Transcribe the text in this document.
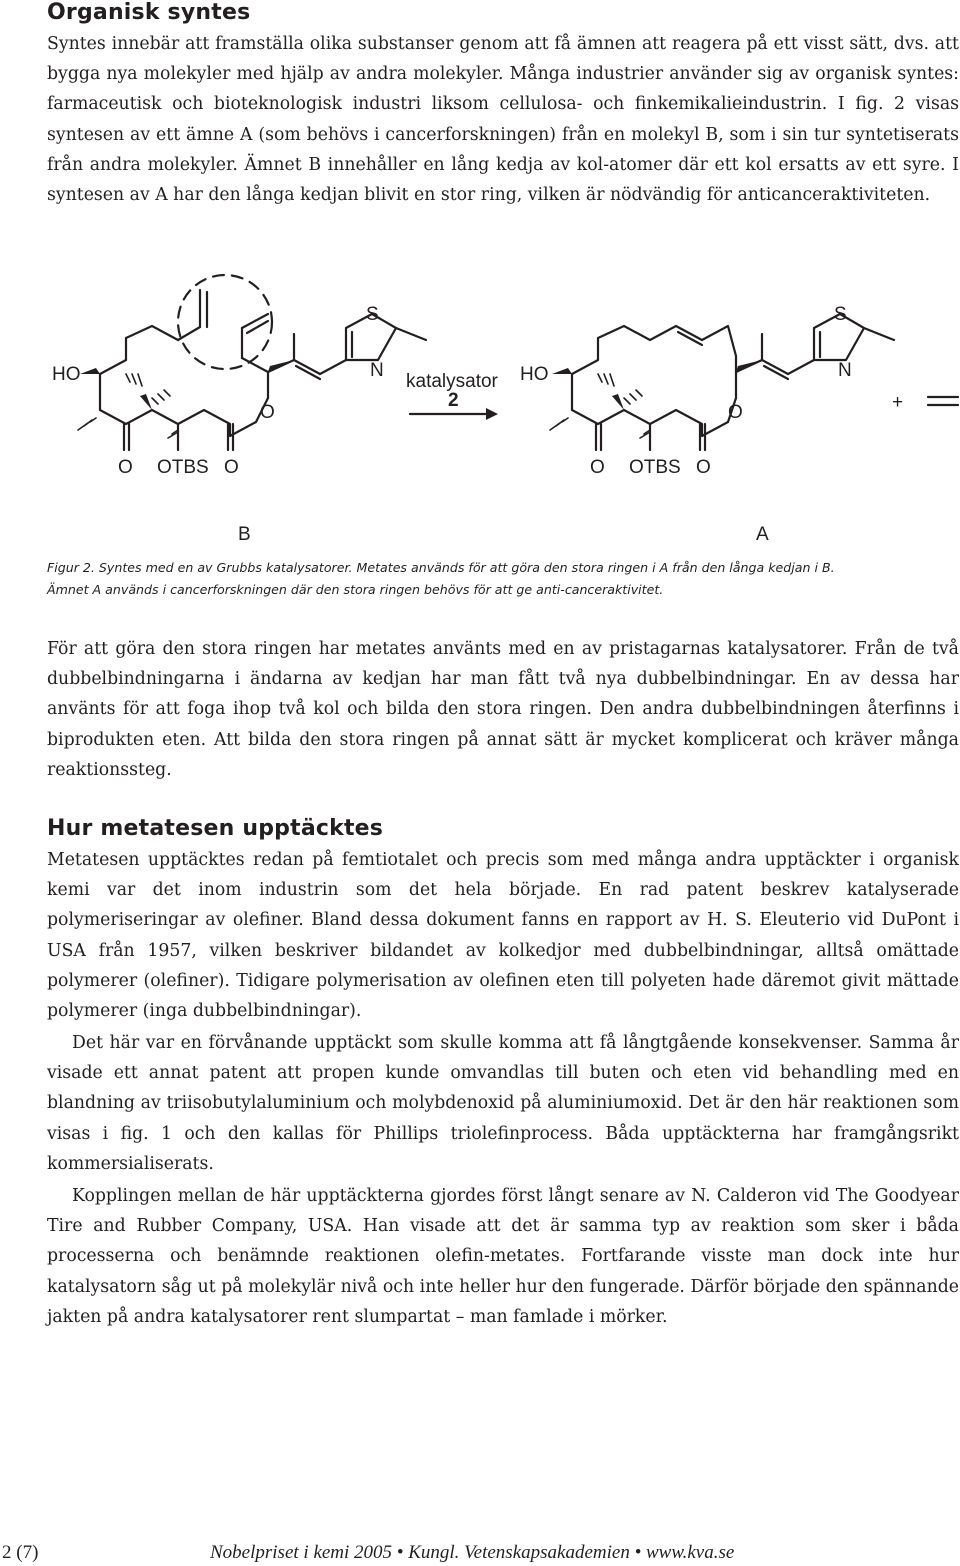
Organisk syntes

Syntes innebär att framställa olika substanser genom att få ämnen att reagera på ett visst sätt, dvs. att bygga nya molekyler med hjälp av andra molekyler. Många industrier använder sig av organisk syntes: farmaceutisk och bioteknologisk industri liksom cellulosa- och finkemikalieindustrin. I fig. 2 visas syntesen av ett ämne A (som behövs i cancerforskningen) från en molekyl B, som i sin tur syntetiserats från andra molekyler. Ämnet B innehåller en lång kedja av kol-atomer där ett kol ersatts av ett syre. I syntesen av A har den långa kedjan blivit en stor ring, vilken är nödvändig för anticanceraktiviteten.

HO
S
N
O
O OTBS O
B
katalysator
2
HO
S
N
O
O OTBS O
A
+

Figur 2. Syntes med en av Grubbs katalysatorer. Metates används för att göra den stora ringen i A från den långa kedjan i B.

Ämnet A används i cancerforskningen där den stora ringen behövs för att ge anti-canceraktivitet.

För att göra den stora ringen har metates använts med en av pristagarnas katalysatorer. Från de två dubbelbindningarna i ändarna av kedjan har man fått två nya dubbelbindningar. En av dessa har använts för att foga ihop två kol och bilda den stora ringen. Den andra dubbelbindningen återfinns i biprodukten eten. Att bilda den stora ringen på annat sätt är mycket komplicerat och kräver många reaktionssteg.

Hur metatesen upptäcktes

Metatesen upptäcktes redan på femtiotalet och precis som med många andra upptäckter i organisk kemi var det inom industrin som det hela började. En rad patent beskrev katalyserade polymeriseringar av olefiner. Bland dessa dokument fanns en rapport av H. S. Eleuterio vid DuPont i USA från 1957, vilken beskriver bildandet av kolkedjor med dubbelbindningar, alltså omättade polymerer (olefiner). Tidigare polymerisation av olefinen eten till polyeten hade däremot givit mättade polymerer (inga dubbelbindningar).

Det här var en förvånande upptäckt som skulle komma att få långtgående konsekvenser. Samma år visade ett annat patent att propen kunde omvandlas till buten och eten vid behandling med en blandning av triisobutylaluminium och molybdenoxid på aluminiumoxid. Det är den här reaktionen som visas i fig. 1 och den kallas för Phillips triolefinprocess. Båda upptäckterna har framgångsrikt kommersialiserats.

Kopplingen mellan de här upptäckterna gjordes först långt senare av N. Calderon vid The Goodyear Tire and Rubber Company, USA. Han visade att det är samma typ av reaktion som sker i båda processerna och benämnde reaktionen olefin-metates. Fortfarande visste man dock inte hur katalysatorn såg ut på molekylär nivå och inte heller hur den fungerade. Därför började den spännande jakten på andra katalysatorer rent slumpartat – man famlade i mörker.

2 (7)	Nobelpriset i kemi 2005 • Kungl. Vetenskapsakademien • www.kva.se
